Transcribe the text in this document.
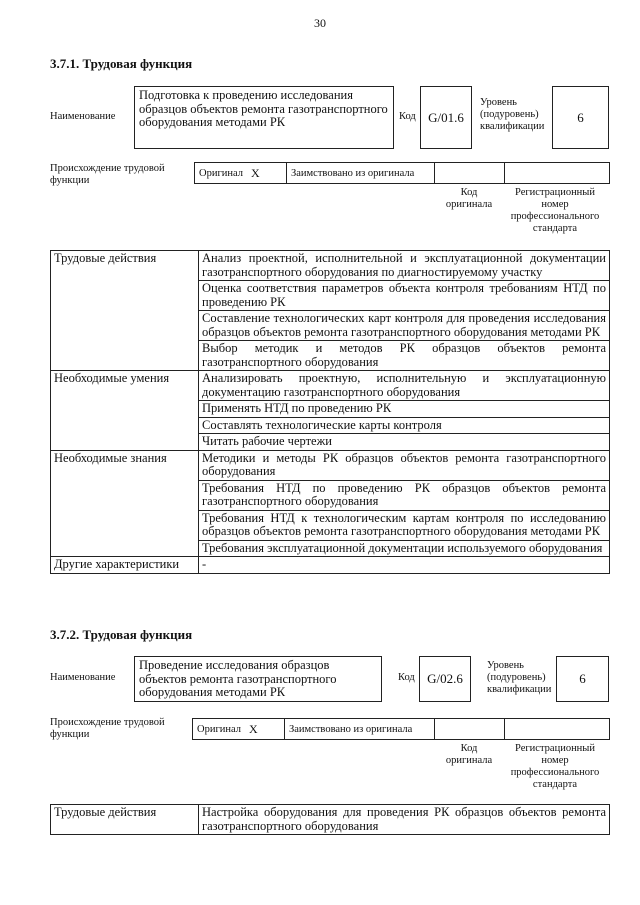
30
3.7.1. Трудовая функция
Наименование
Подготовка к проведению исследования образцов объектов ремонта газотранспортного оборудования методами РК	Код G/01.6
Уровень (подуровень) квалификации
6
Происхождение трудовой функции
Оригинал X	Заимствовано из оригинала
Код оригинала
Регистрационный номер профессионального стандарта
Трудовые действия	Анализ проектной, исполнительной и эксплуатационной документации газотранспортного оборудования по диагностируемому участку
	Оценка соответствия параметров объекта контроля требованиям НТД по проведению РК
	Составление технологических карт контроля для проведения исследования образцов объектов ремонта газотранспортного оборудования методами РК
	Выбор методик и методов РК образцов объектов ремонта газотранспортного оборудования
Необходимые умения	Анализировать проектную, исполнительную и эксплуатационную документацию газотранспортного оборудования
	Применять НТД по проведению РК
	Составлять технологические карты контроля
	Читать рабочие чертежи
Необходимые знания	Методики и методы РК образцов объектов ремонта газотранспортного оборудования
	Требования НТД по проведению РК образцов объектов ремонта газотранспортного оборудования
	Требования НТД к технологическим картам контроля по исследованию образцов объектов ремонта газотранспортного оборудования методами РК
	Требования эксплуатационной документации используемого оборудования
Другие характеристики	-
3.7.2. Трудовая функция
Наименование
Проведение исследования образцов объектов ремонта газотранспортного оборудования методами РК
Код G/02.6
Уровень (подуровень) квалификации
6
Происхождение трудовой функции	Оригинал X	Заимствовано из оригинала
Код оригинала
Регистрационный номер профессионального стандарта
Трудовые действия	Настройка оборудования для проведения РК образцов объектов ремонта газотранспортного оборудования
